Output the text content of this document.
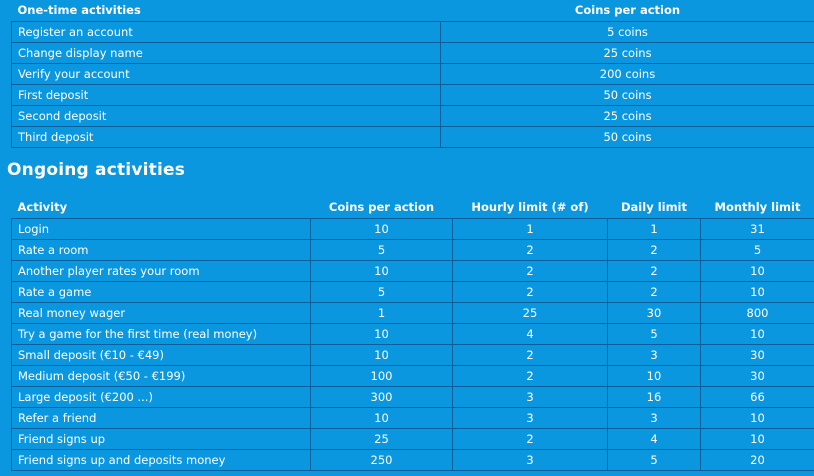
One-time activities	Coins per action
Register an account	5 coins
Change display name	25 coins
Verify your account	200 coins
First deposit	50 coins
Second deposit	25 coins
Third deposit	50 coins
Ongoing activities
Activity	Coins per action	Hourly limit (# of)	Daily limit	Monthly limit
Login	10	1	1	31
Rate a room	5	2	2	5
Another player rates your room	10	2	2	10
Rate a game	5	2	2	10
Real money wager	1	25	30	800
Try a game for the first time (real money)	10	4	5	10
Small deposit (€10 - €49)	10	2	3	30
Medium deposit (€50 - €199)	100	2	10	30
Large deposit (€200 ...)	300	3	16	66
Refer a friend	10	3	3	10
Friend signs up	25	2	4	10
Friend signs up and deposits money	250	3	5	20
